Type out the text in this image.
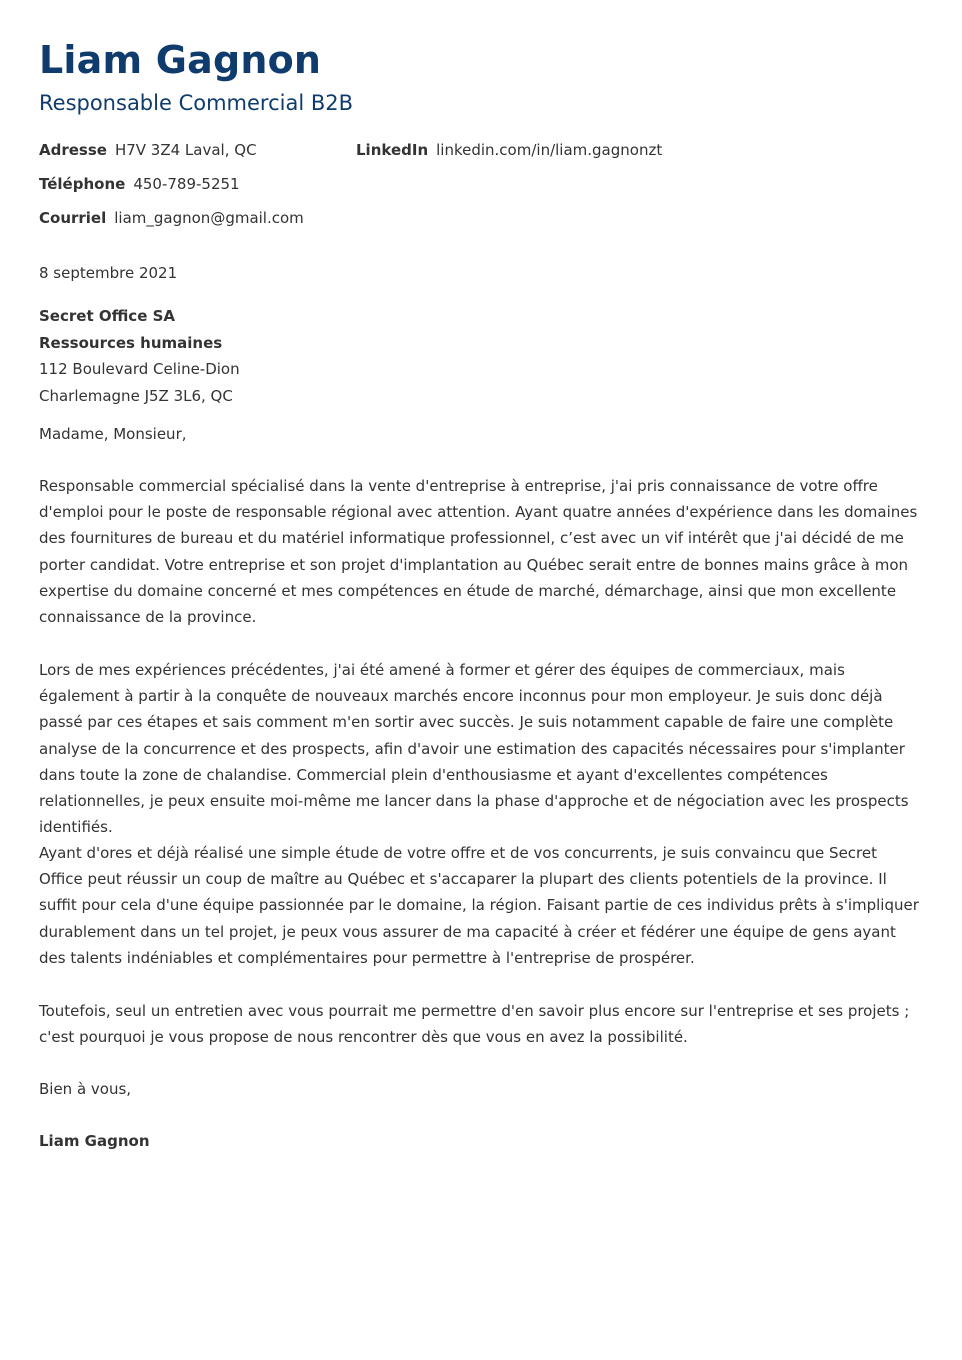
Liam Gagnon
Responsable Commercial B2B
Adresse H7V 3Z4 Laval, QC	LinkedIn linkedin.com/in/liam.gagnonzt
Téléphone 450-789-5251
Courriel liam_gagnon@gmail.com
8 septembre 2021
Secret Office SA
Ressources humaines
112 Boulevard Celine-Dion
Charlemagne J5Z 3L6, QC

Madame, Monsieur,

Responsable commercial spécialisé dans la vente d'entreprise à entreprise, j'ai pris connaissance de votre offre d'emploi pour le poste de responsable régional avec attention. Ayant quatre années d'expérience dans les domaines des fournitures de bureau et du matériel informatique professionnel, c’est avec un vif intérêt que j'ai décidé de me porter candidat. Votre entreprise et son projet d'implantation au Québec serait entre de bonnes mains grâce à mon expertise du domaine concerné et mes compétences en étude de marché, démarchage, ainsi que mon excellente connaissance de la province.

Lors de mes expériences précédentes, j'ai été amené à former et gérer des équipes de commerciaux, mais également à partir à la conquête de nouveaux marchés encore inconnus pour mon employeur. Je suis donc déjà passé par ces étapes et sais comment m'en sortir avec succès. Je suis notamment capable de faire une complète analyse de la concurrence et des prospects, afin d'avoir une estimation des capacités nécessaires pour s'implanter dans toute la zone de chalandise. Commercial plein d'enthousiasme et ayant d'excellentes compétences relationnelles, je peux ensuite moi-même me lancer dans la phase d'approche et de négociation avec les prospects identifiés.

Ayant d'ores et déjà réalisé une simple étude de votre offre et de vos concurrents, je suis convaincu que Secret Office peut réussir un coup de maître au Québec et s'accaparer la plupart des clients potentiels de la province. Il suffit pour cela d'une équipe passionnée par le domaine, la région. Faisant partie de ces individus prêts à s'impliquer durablement dans un tel projet, je peux vous assurer de ma capacité à créer et fédérer une équipe de gens ayant des talents indéniables et complémentaires pour permettre à l'entreprise de prospérer.

Toutefois, seul un entretien avec vous pourrait me permettre d'en savoir plus encore sur l'entreprise et ses projets ; c'est pourquoi je vous propose de nous rencontrer dès que vous en avez la possibilité.

Bien à vous,

Liam Gagnon
